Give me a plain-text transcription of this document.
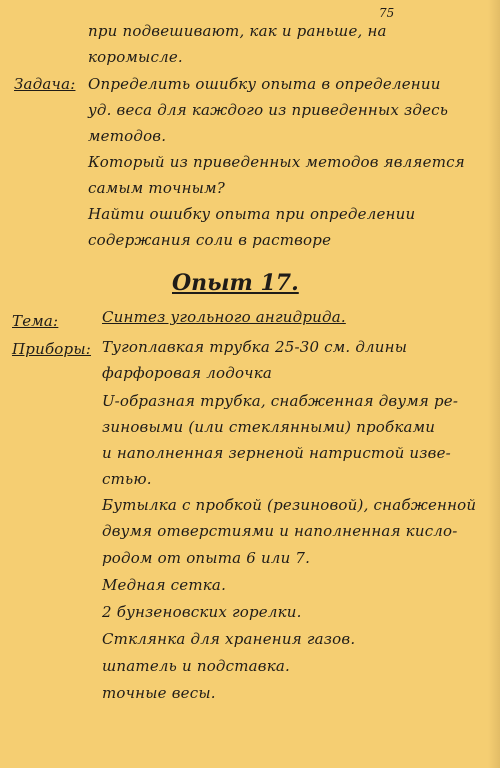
75
при подвешивают, как и раньше, на
коромысле.
Задача: Определить ошибку опыта в определении
уд. веса для каждого из приведенных здесь
методов.
Который из приведенных методов является
самым точным?
Найти ошибку опыта при определении
содержания соли в растворе
Опыт 17.
Тема:	Синтез угольного ангидрида.
Приборы: Тугоплавкая трубка 25-30 см. длины
фарфоровая лодочка
U-образная трубка, снабженная двумя ре-
зиновыми (или стеклянными) пробками
и наполненная зерненой натристой изве-
стью.
Бутылка с пробкой (резиновой), снабженной
двумя отверстиями и наполненная кисло-
родом от опыта 6 или 7.
Медная сетка.
2 бунзеновских горелки.
Стклянка для хранения газов.
шпатель и подставка.
точные весы.
